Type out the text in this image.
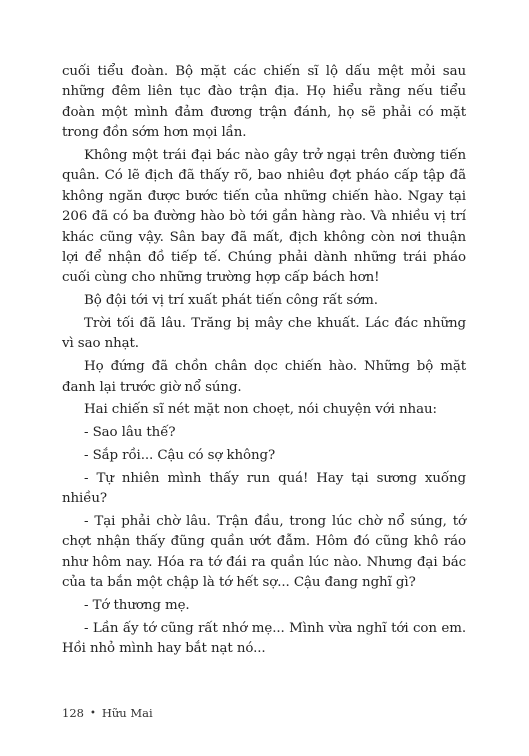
cuối tiểu đoàn. Bộ mặt các chiến sĩ lộ dấu mệt mỏi sau những đêm liên tục đào trận địa. Họ hiểu rằng nếu tiểu đoàn một mình đảm đương trận đánh, họ sẽ phải có mặt trong đồn sớm hơn mọi lần.

Không một trái đại bác nào gây trở ngại trên đường tiến quân. Có lẽ địch đã thấy rõ, bao nhiêu đợt pháo cấp tập đã không ngăn được bước tiến của những chiến hào. Ngay tại 206 đã có ba đường hào bò tới gần hàng rào. Và nhiều vị trí khác cũng vậy. Sân bay đã mất, địch không còn nơi thuận lợi để nhận đồ tiếp tế. Chúng phải dành những trái pháo cuối cùng cho những trường hợp cấp bách hơn!

Bộ đội tới vị trí xuất phát tiến công rất sớm.

Trời tối đã lâu. Trăng bị mây che khuất. Lác đác những vì sao nhạt.

Họ đứng đã chồn chân dọc chiến hào. Những bộ mặt đanh lại trước giờ nổ súng.

Hai chiến sĩ nét mặt non choẹt, nói chuyện với nhau:

- Sao lâu thế?

- Sắp rồi... Cậu có sợ không?

- Tự nhiên mình thấy run quá! Hay tại sương xuống nhiều?

- Tại phải chờ lâu. Trận đầu, trong lúc chờ nổ súng, tớ chợt nhận thấy đũng quần ướt đẫm. Hôm đó cũng khô ráo như hôm nay. Hóa ra tớ đái ra quần lúc nào. Nhưng đại bác của ta bắn một chập là tớ hết sợ... Cậu đang nghĩ gì?

- Tớ thương mẹ.

- Lần ấy tớ cũng rất nhớ mẹ... Mình vừa nghĩ tới con em. Hồi nhỏ mình hay bắt nạt nó...

128 • Hữu Mai
